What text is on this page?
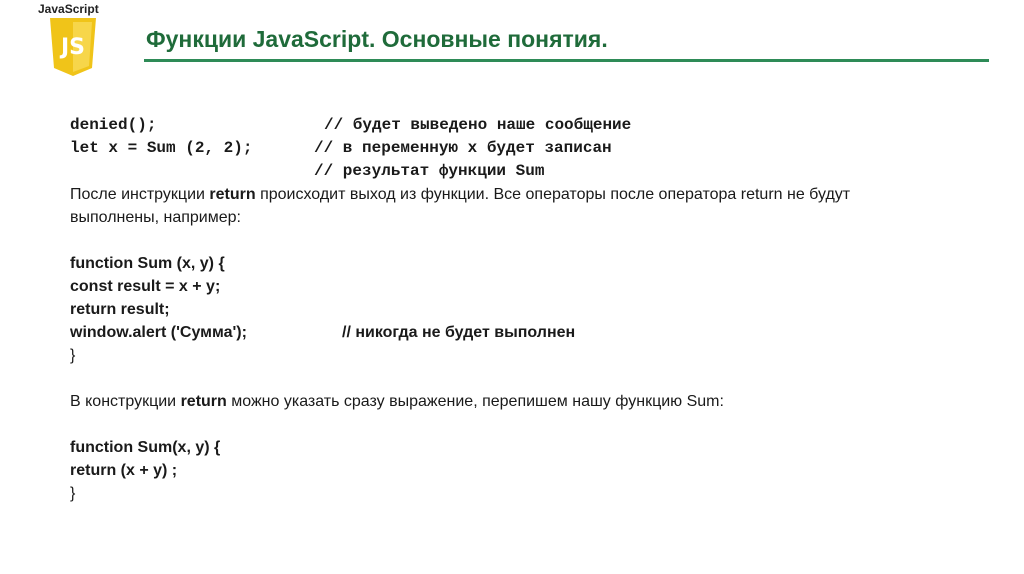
JavaScript
JS	Функции JavaScript. Основные понятия.
denied();	// будет выведено наше сообщение
let x = Sum (2, 2);	// в переменную x будет записан
// результат функции Sum
После инструкции return происходит выход из функции. Все операторы после оператора return не будут
выполнены, например:
function Sum (x, y) {
const result = x + y;
return result;
window.alert ('Сумма');	// никогда не будет выполнен
}
В конструкции return можно указать сразу выражение, перепишем нашу функцию Sum:
function Sum(x, y) {
return (x + y) ;
}
